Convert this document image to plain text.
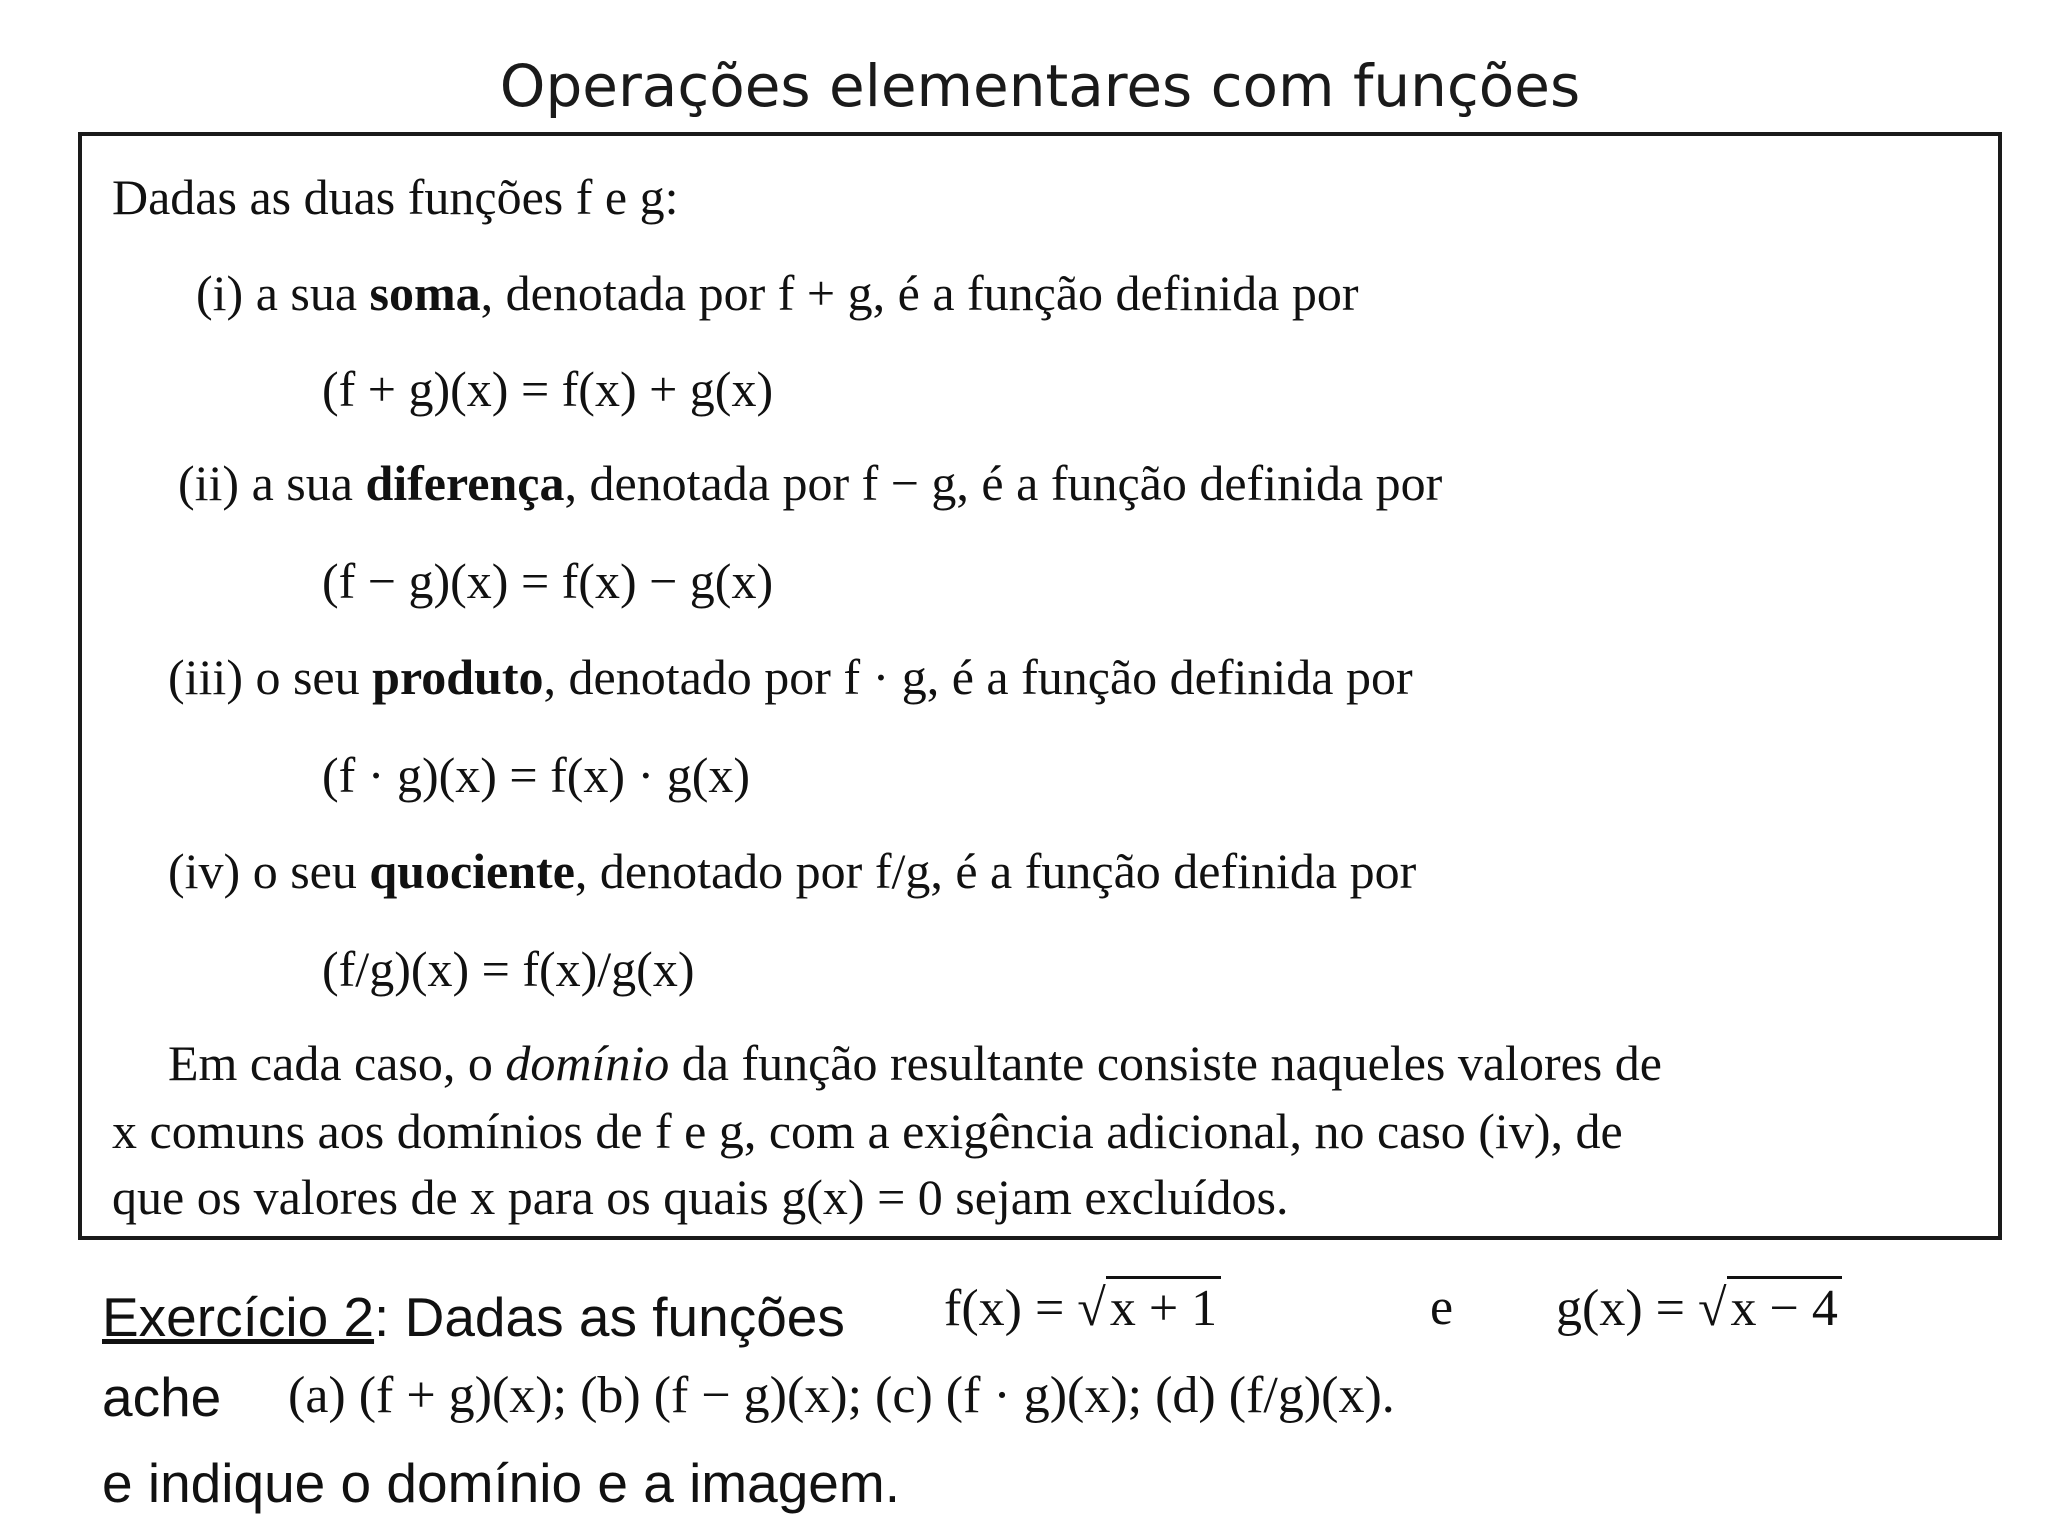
Operações elementares com funções
Dadas as duas funções f e g:
(i) a sua soma, denotada por f + g, é a função definida por
(f + g)(x) = f(x) + g(x)
(ii) a sua diferença, denotada por f − g, é a função definida por
(f − g)(x) = f(x) − g(x)
(iii) o seu produto, denotado por f · g, é a função definida por
(f · g)(x) = f(x) · g(x)
(iv) o seu quociente, denotado por f/g, é a função definida por
(f/g)(x) = f(x)/g(x)
Em cada caso, o domínio da função resultante consiste naqueles valores de
x comuns aos domínios de f e g, com a exigência adicional, no caso (iv), de
que os valores de x para os quais g(x) = 0 sejam excluídos.
Exercício 2: Dadas as funções f(x) = √x + 1	e g(x) = √x − 4
ache (a) (f + g)(x); (b) (f − g)(x); (c) (f · g)(x); (d) (f/g)(x).
e indique o domínio e a imagem.
